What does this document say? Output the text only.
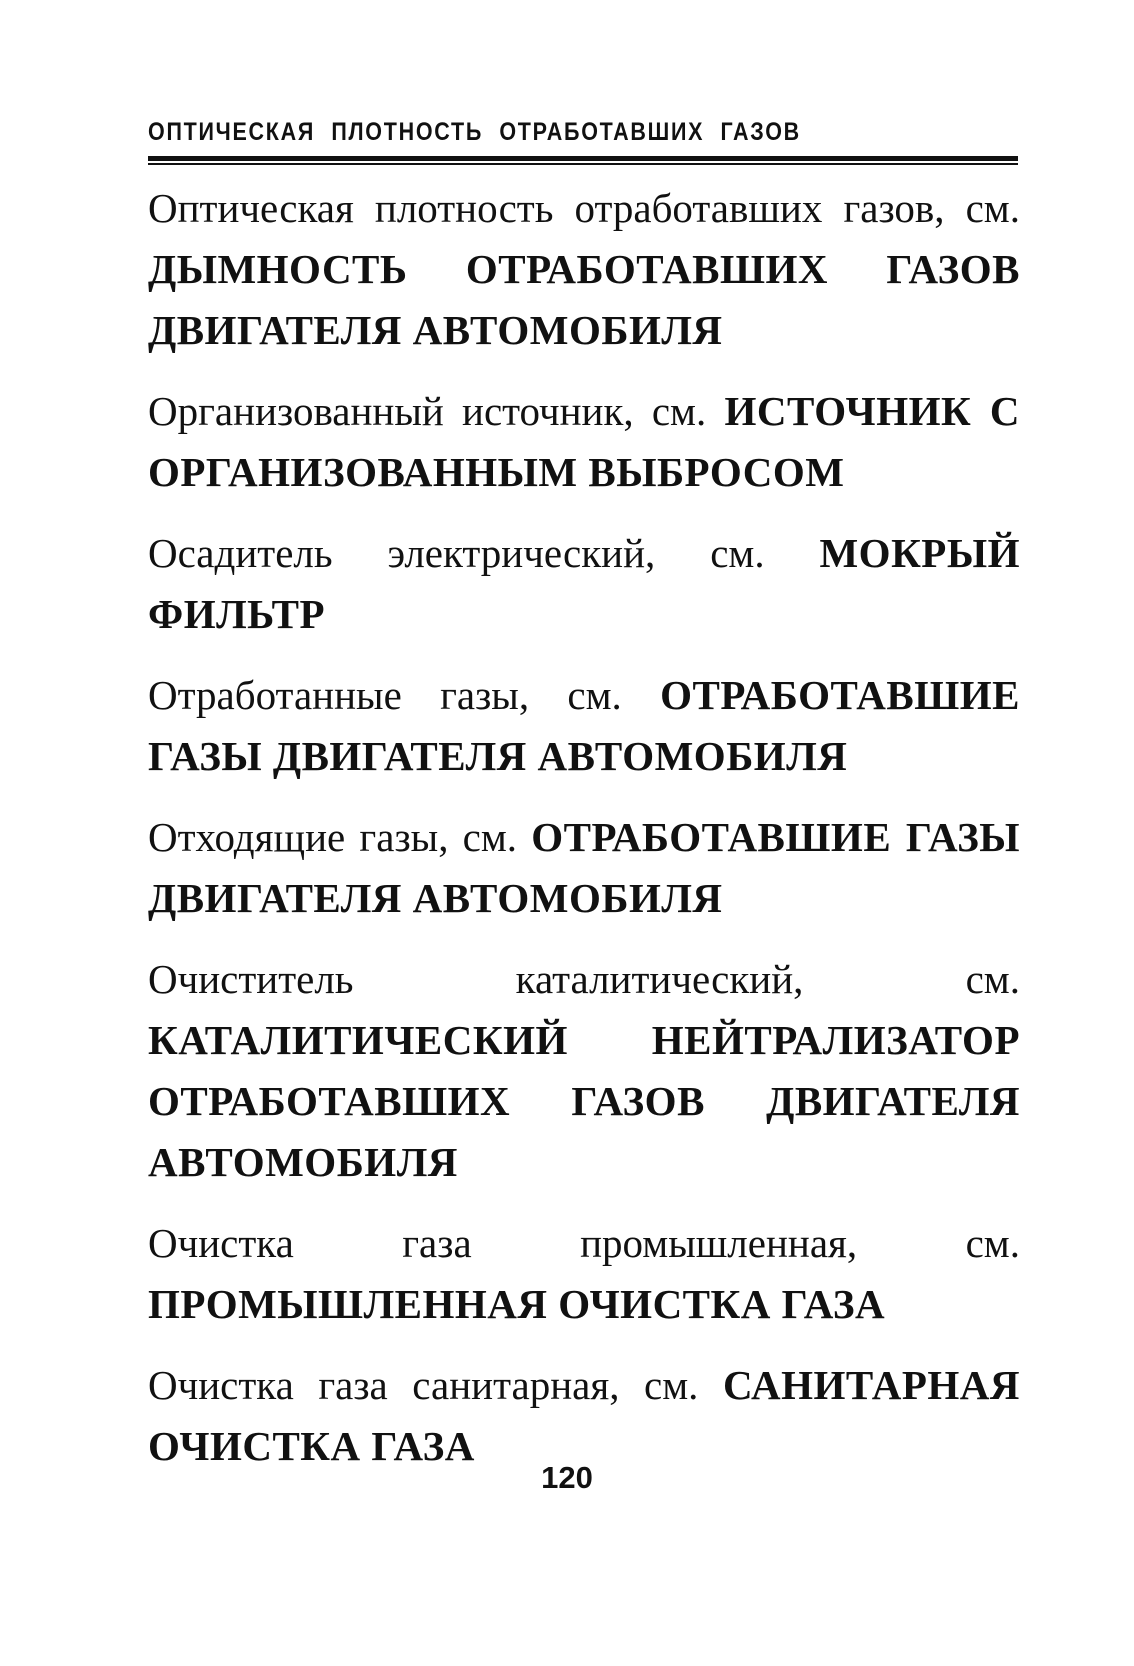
ОПТИЧЕСКАЯ ПЛОТНОСТЬ ОТРАБОТАВШИХ ГАЗОВ

Оптическая плотность отработавших газов, см. ДЫМНОСТЬ ОТРАБОТАВШИХ ГАЗОВ ДВИГАТЕЛЯ АВТОМОБИЛЯ

Организованный источник, см. ИСТОЧНИК С ОРГАНИЗОВАННЫМ ВЫБРОСОМ

Осадитель электрический, см. МОКРЫЙ ФИЛЬТР

Отработанные газы, см. ОТРАБОТАВШИЕ ГАЗЫ ДВИГАТЕЛЯ АВТОМОБИЛЯ

Отходящие газы, см. ОТРАБОТАВШИЕ ГАЗЫ ДВИГАТЕЛЯ АВТОМОБИЛЯ

Очиститель каталитический, см. КАТАЛИТИЧЕСКИЙ НЕЙТРАЛИЗАТОР ОТРАБОТАВШИХ ГАЗОВ ДВИГАТЕЛЯ АВТОМОБИЛЯ

Очистка газа промышленная, см. ПРОМЫШЛЕННАЯ ОЧИСТКА ГАЗА

Очистка газа санитарная, см. САНИТАРНАЯ ОЧИСТКА ГАЗА

120
